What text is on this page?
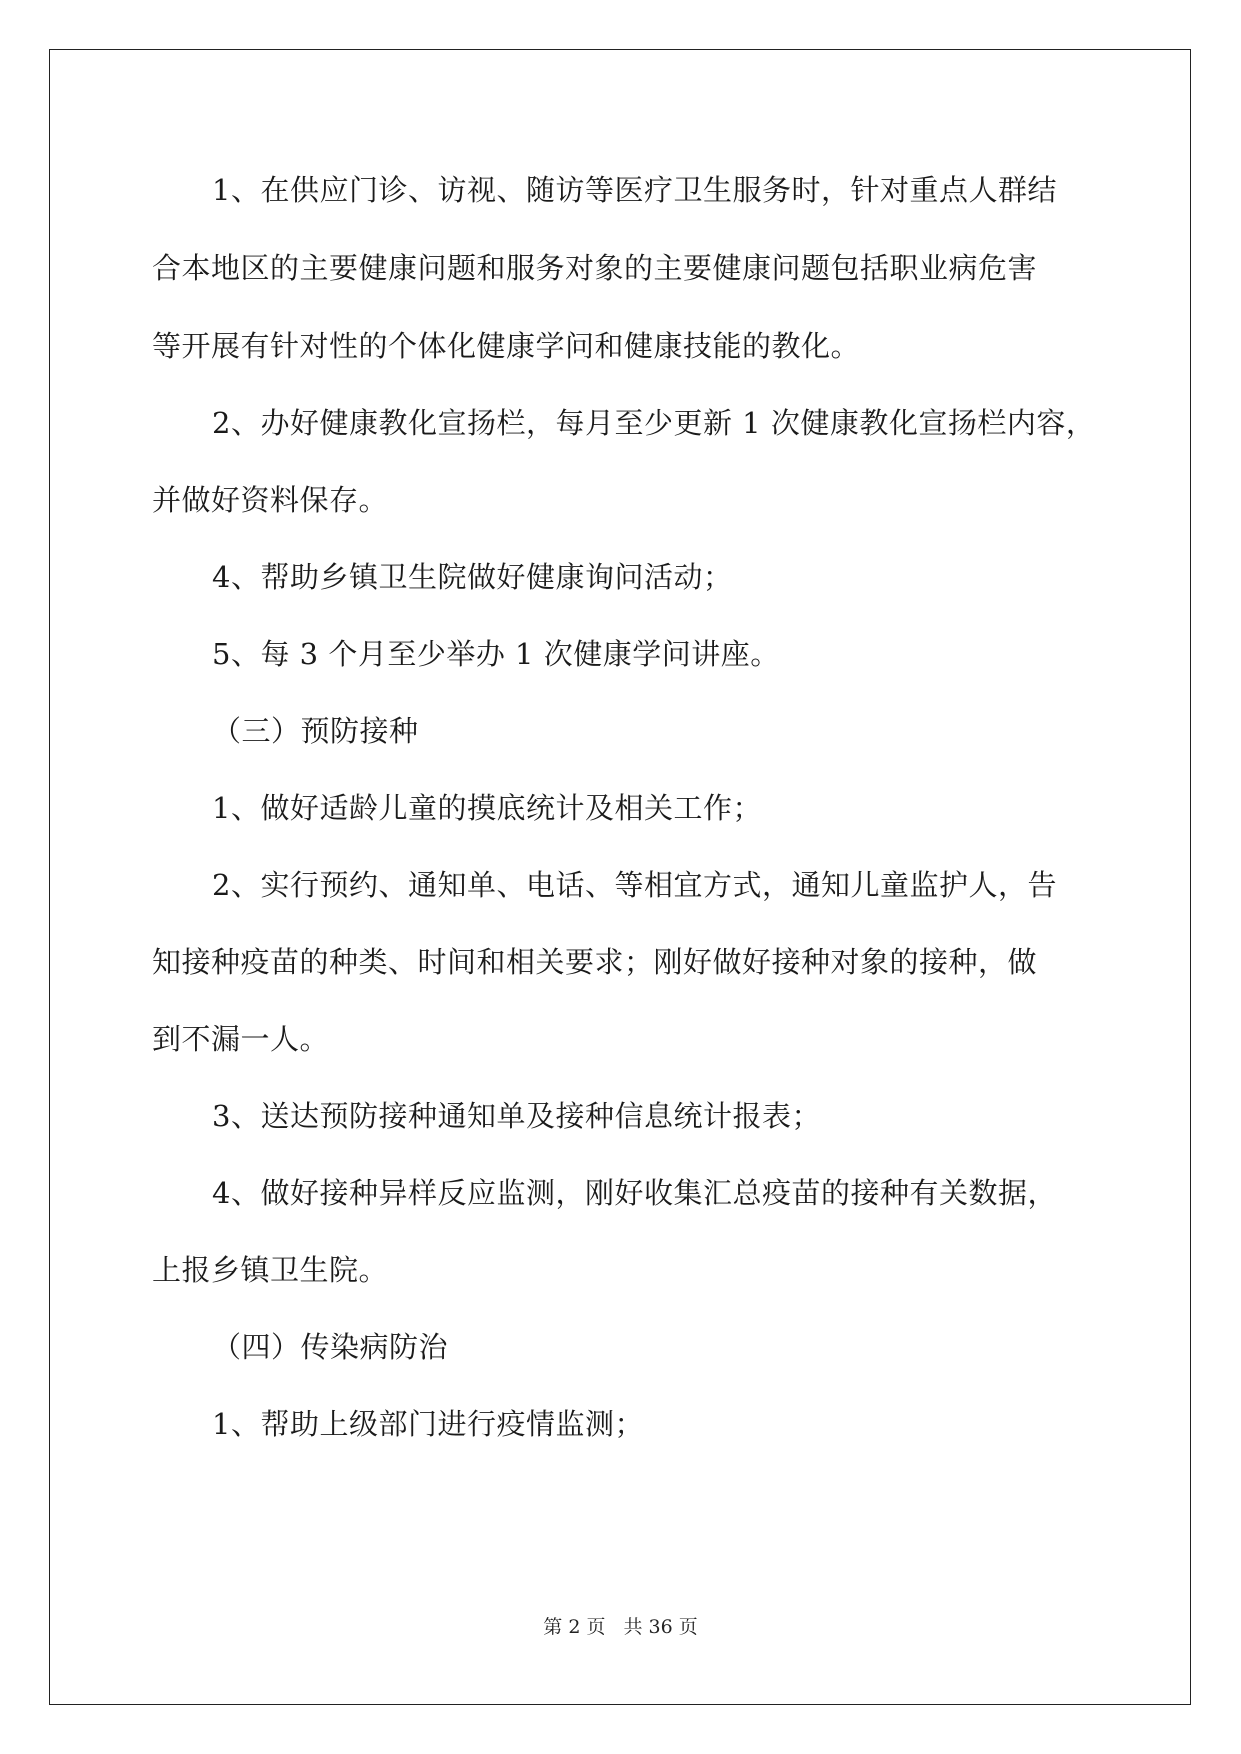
1、在供应门诊、访视、随访等医疗卫生服务时，针对重点人群结
合本地区的主要健康问题和服务对象的主要健康问题包括职业病危害
等开展有针对性的个体化健康学问和健康技能的教化。
2、办好健康教化宣扬栏，每月至少更新 1 次健康教化宣扬栏内容，
并做好资料保存。
4、帮助乡镇卫生院做好健康询问活动；
5、每 3 个月至少举办 1 次健康学问讲座。
（三）预防接种
1、做好适龄儿童的摸底统计及相关工作；
2、实行预约、通知单、电话、等相宜方式，通知儿童监护人，告
知接种疫苗的种类、时间和相关要求；刚好做好接种对象的接种，做
到不漏一人。
3、送达预防接种通知单及接种信息统计报表；
4、做好接种异样反应监测，刚好收集汇总疫苗的接种有关数据，
上报乡镇卫生院。
（四）传染病防治
1、帮助上级部门进行疫情监测；
第 2 页 共 36 页
